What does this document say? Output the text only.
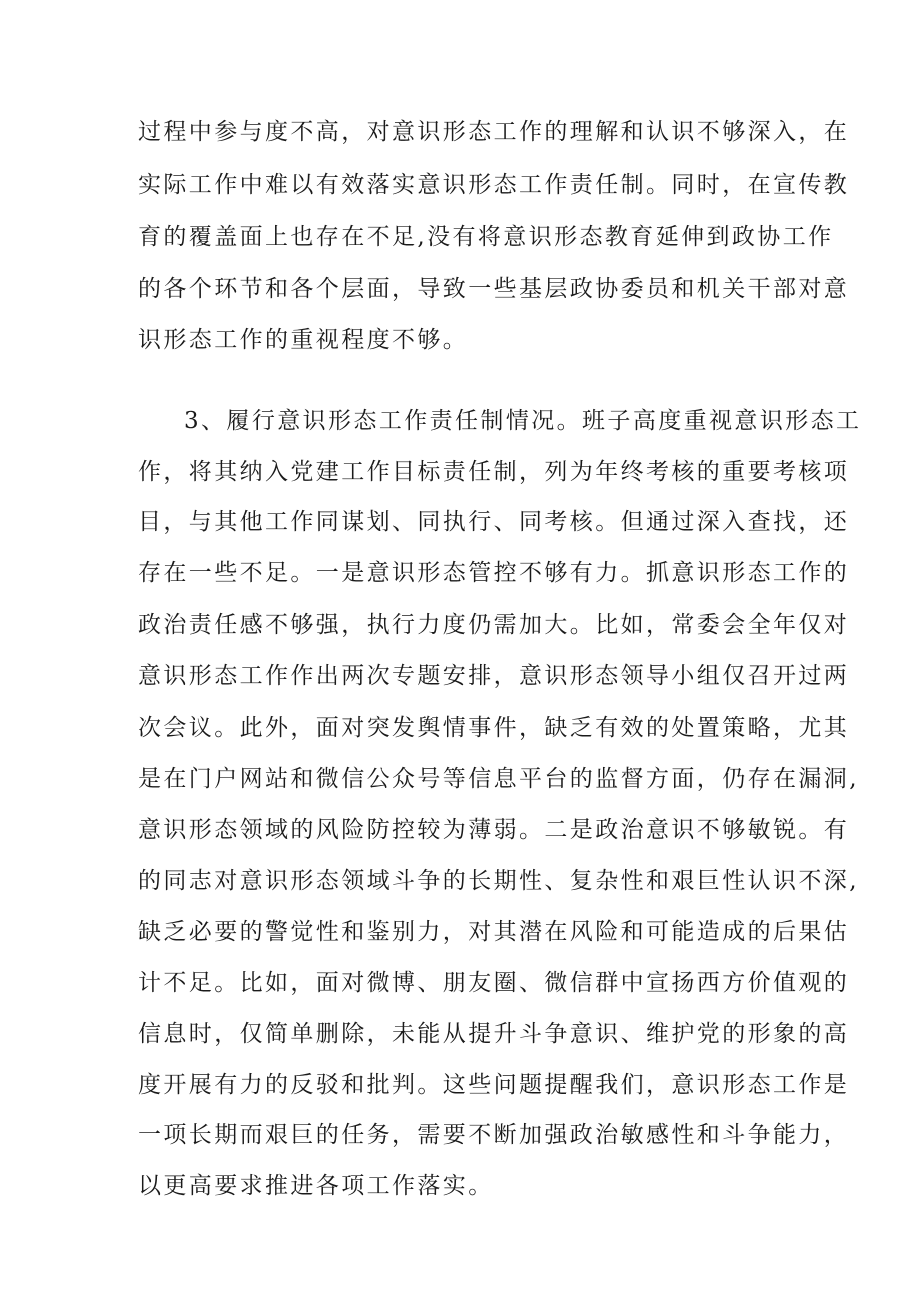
过程中参与度不高，对意识形态工作的理解和认识不够深入，在
实际工作中难以有效落实意识形态工作责任制。同时，在宣传教
育的覆盖面上也存在不足,没有将意识形态教育延伸到政协工作
的各个环节和各个层面，导致一些基层政协委员和机关干部对意
识形态工作的重视程度不够。
3、履行意识形态工作责任制情况。班子高度重视意识形态工
作，将其纳入党建工作目标责任制，列为年终考核的重要考核项
目，与其他工作同谋划、同执行、同考核。但通过深入查找，还
存在一些不足。一是意识形态管控不够有力。抓意识形态工作的
政治责任感不够强，执行力度仍需加大。比如，常委会全年仅对
意识形态工作作出两次专题安排，意识形态领导小组仅召开过两
次会议。此外，面对突发舆情事件，缺乏有效的处置策略，尤其
是在门户网站和微信公众号等信息平台的监督方面，仍存在漏洞,
意识形态领域的风险防控较为薄弱。二是政治意识不够敏锐。有
的同志对意识形态领域斗争的长期性、复杂性和艰巨性认识不深,
缺乏必要的警觉性和鉴别力，对其潜在风险和可能造成的后果估
计不足。比如，面对微博、朋友圈、微信群中宣扬西方价值观的
信息时，仅简单删除，未能从提升斗争意识、维护党的形象的高
度开展有力的反驳和批判。这些问题提醒我们，意识形态工作是
一项长期而艰巨的任务，需要不断加强政治敏感性和斗争能力，
以更高要求推进各项工作落实。
